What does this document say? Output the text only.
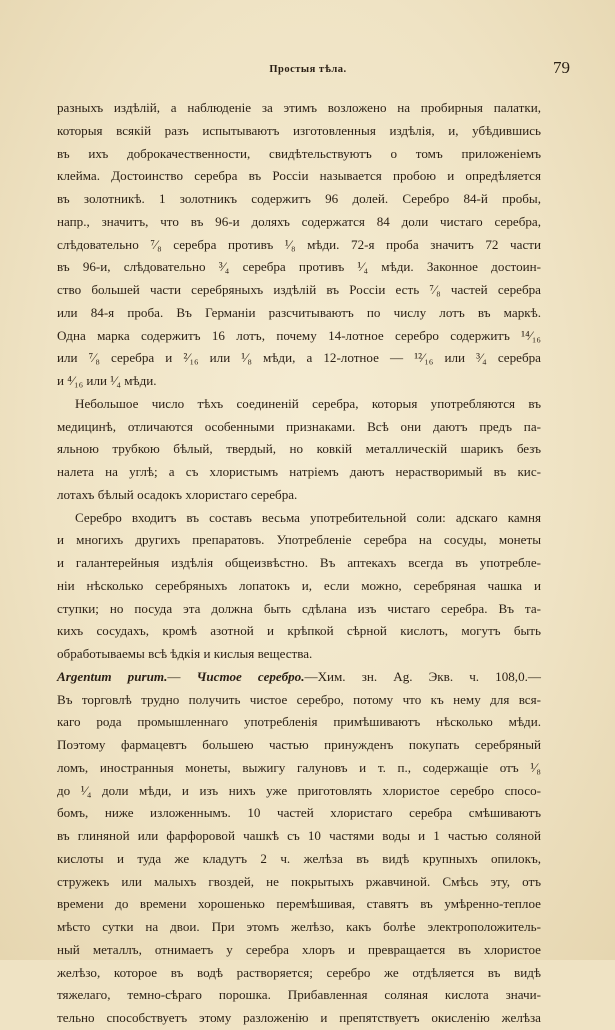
Простыя тѣла.	79
разныхъ издѣлій, а наблюденіе за этимъ возложено на пробирныя палатки,
которыя всякій разъ испытываютъ изготовленныя издѣлія, и, убѣдившись
въ ихъ доброкачественности, свидѣтельствуютъ о томъ приложеніемъ
клейма. Достоинство серебра въ Россіи называется пробою и опредѣляется
въ золотникѣ. 1 золотникъ содержитъ 96 долей. Серебро 84-й пробы,
напр., значитъ, что въ 96-и доляхъ содержатся 84 доли чистаго серебра,
слѣдовательно ⁷⁄₈ серебра противъ ¹⁄₈ мѣди. 72-я проба значитъ 72 части
въ 96-и, слѣдовательно ³⁄₄ серебра противъ ¹⁄₄ мѣди. Законное достоин-
ство большей части серебряныхъ издѣлій въ Россіи есть ⁷⁄₈ частей серебра
или 84-я проба. Въ Германіи разсчитываютъ по числу лотъ въ маркѣ.
Одна марка содержитъ 16 лотъ, почему 14-лотное серебро содержитъ ¹⁴⁄₁₆
или ⁷⁄₈ серебра и ²⁄₁₆ или ¹⁄₈ мѣди, а 12-лотное — ¹²⁄₁₆ или ³⁄₄ серебра
и ⁴⁄₁₆ или ¹⁄₄ мѣди.
Небольшое число тѣхъ соединеній серебра, которыя употребляются въ
медицинѣ, отличаются особенными признаками. Всѣ они даютъ предъ па-
яльною трубкою бѣлый, твердый, но ковкій металлическій шарикъ безъ
налета на углѣ; а съ хлористымъ натріемъ даютъ нерастворимый въ кис-
лотахъ бѣлый осадокъ хлористаго серебра.
Серебро входитъ въ составъ весьма употребительной соли: адскаго камня
и многихъ другихъ препаратовъ. Употребленіе серебра на сосуды, монеты
и галантерейныя издѣлія общеизвѣстно. Въ аптекахъ всегда въ употребле-
ніи нѣсколько серебряныхъ лопатокъ и, если можно, серебряная чашка и
ступки; но посуда эта должна быть сдѣлана изъ чистаго серебра. Въ та-
кихъ сосудахъ, кромѣ азотной и крѣпкой сѣрной кислотъ, могутъ быть
обработываемы всѣ ѣдкія и кислыя вещества.
Argentum purum.— Чистое серебро.—Хим. зн. Ag. Экв. ч. 108,0.—
Въ торговлѣ трудно получить чистое серебро, потому что къ нему для вся-
каго рода промышленнаго употребленія примѣшиваютъ нѣсколько мѣди.
Поэтому фармацевтъ большею частью принужденъ покупать серебряный
ломъ, иностранныя монеты, выжигу галуновъ и т. п., содержащіе отъ ¹⁄₈
до ¹⁄₄ доли мѣди, и изъ нихъ уже приготовлять хлористое серебро спосо-
бомъ, ниже изложеннымъ. 10 частей хлористаго серебра смѣшиваютъ
въ глиняной или фарфоровой чашкѣ съ 10 частями воды и 1 частью соляной
кислоты и туда же кладутъ 2 ч. желѣза въ видѣ крупныхъ опилокъ,
стружекъ или малыхъ гвоздей, не покрытыхъ ржавчиной. Смѣсь эту, отъ
времени до времени хорошенько перемѣшивая, ставятъ въ умѣренно-теплое
мѣсто сутки на двои. При этомъ желѣзо, какъ болѣе электроположитель-
ный металлъ, отнимаетъ у серебра хлоръ и превращается въ хлористое
желѣзо, которое въ водѣ растворяется; серебро же отдѣляется въ видѣ
тяжелаго, темно-сѣраго порошка. Прибавленная соляная кислота значи-
тельно способствуетъ этому разложенію и препятствуетъ окисленію желѣза
